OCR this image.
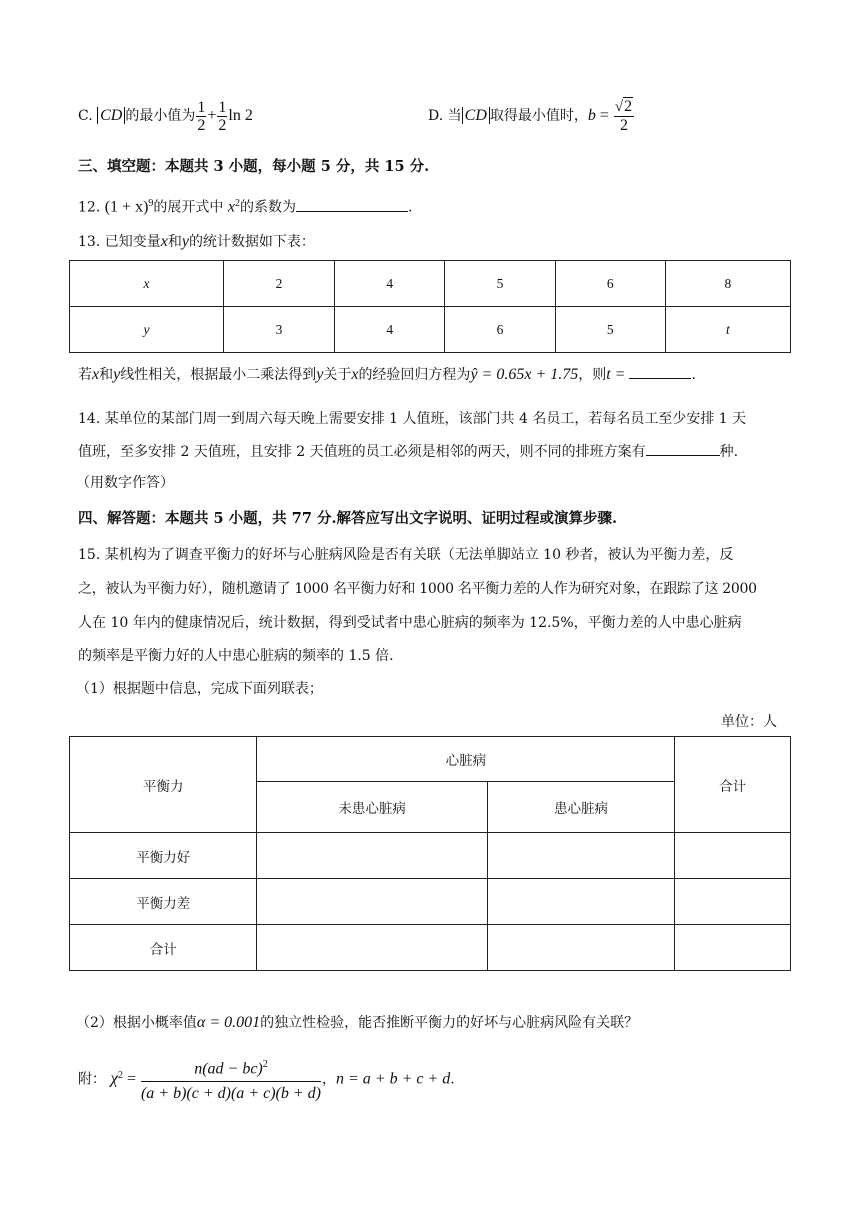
C. CD 的最小值为 $\frac{1}{2} + \frac{1}{2}$ ln 2	D. 当 CD 取得最小值时，$b = \frac{√2}{2}$
三、填空题：本题共 3 小题，每小题 5 分，共 15 分.
12. $(1 + x)^9$的展开式中 $x^2$的系数为	.
13. 已知变量x和y的统计数据如下表：
x	2	4	5	6	8
y	3	4	6	5	t
若x和y线性相关，根据最小二乘法得到y关于x的经验回归方程为ŷ = 0.65x + 1.75，则t =	.
14. 某单位的某部门周一到周六每天晚上需要安排 1 人值班，该部门共 4 名员工，若每名员工至少安排 1 天
值班，至多安排 2 天值班，且安排 2 天值班的员工必须是相邻的两天，则不同的排班方案有	种.
（用数字作答）
四、解答题：本题共 5 小题，共 77 分.解答应写出文字说明、证明过程或演算步骤.
15. 某机构为了调查平衡力的好坏与心脏病风险是否有关联（无法单脚站立 10 秒者，被认为平衡力差，反
之，被认为平衡力好），随机邀请了 1000 名平衡力好和 1000 名平衡力差的人作为研究对象，在跟踪了这 2000
人在 10 年内的健康情况后，统计数据，得到受试者中患心脏病的频率为 12.5%，平衡力差的人中患心脏病
的频率是平衡力好的人中患心脏病的频率的 1.5 倍.
（1）根据题中信息，完成下面列联表；
单位：人
平衡力	心脏病		合计
	未患心脏病	患心脏病	
平衡力好			
平衡力差			
合计			
（2）根据小概率值α = 0.001的独立性检验，能否推断平衡力的好坏与心脏病风险有关联？
附： $\chi^2 = \frac{n(ad - bc)^2}{(a + b)(c + d)(a + c)(b + d)}$ ，n = a + b + c + d.
